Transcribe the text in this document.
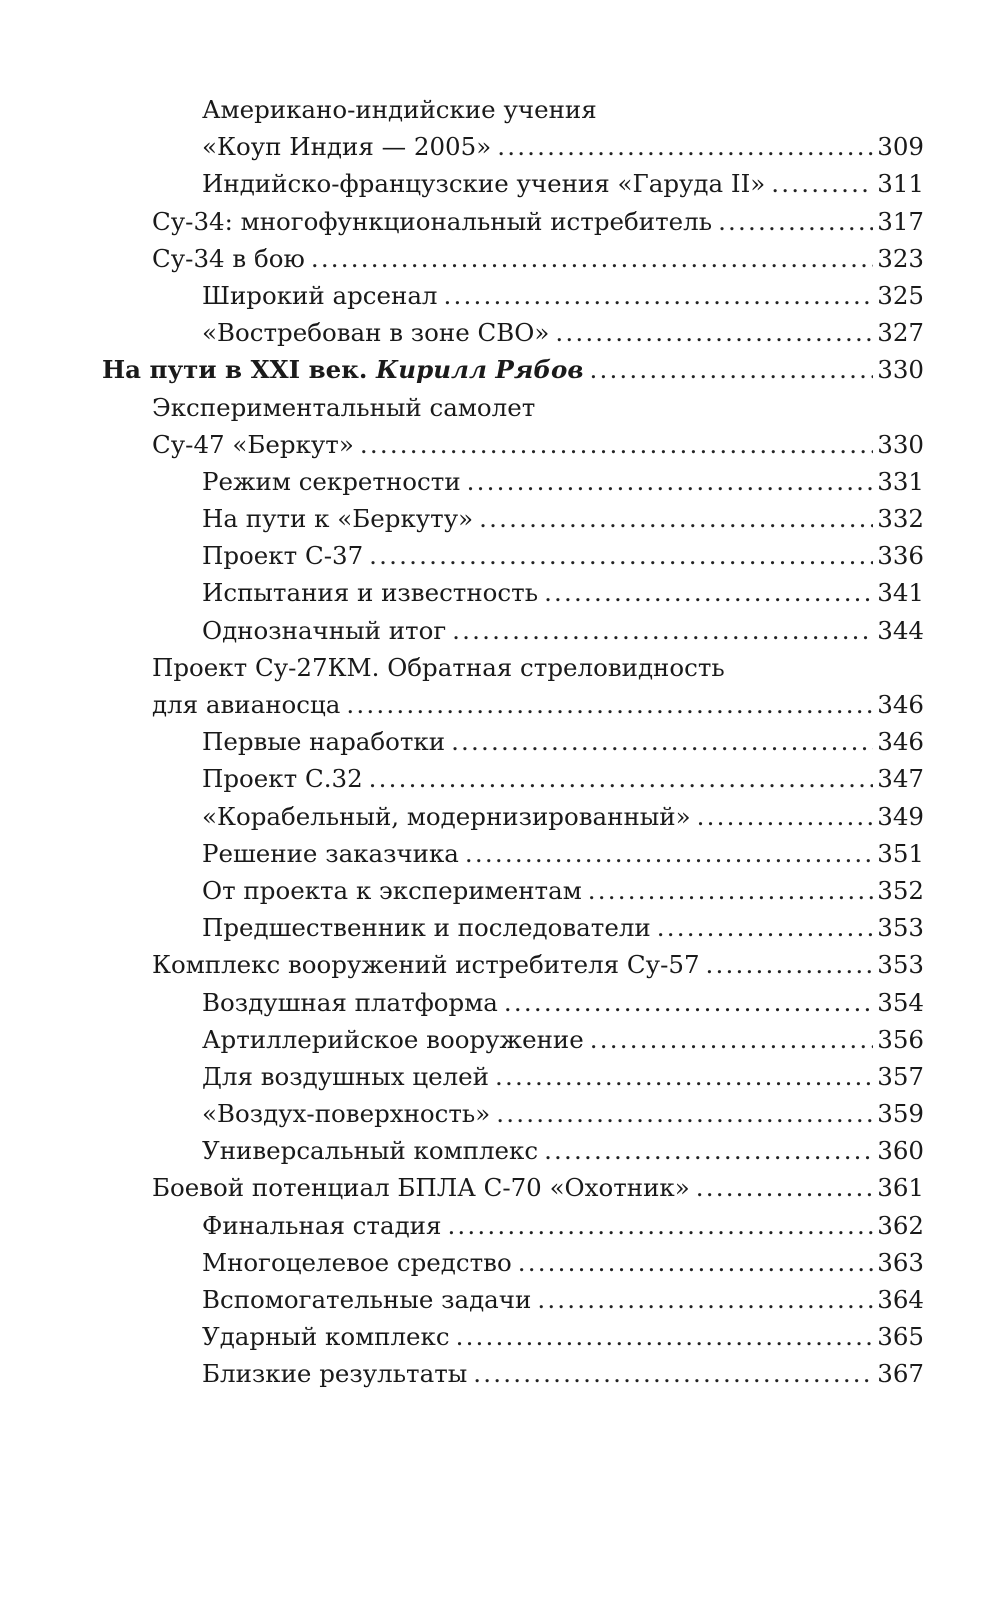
Американо-индийские учения
«Коуп Индия — 2005» .....	309
Индийско-французские учения «Гаруда II» .....	311
Су-34: многофункциональный истребитель .....	317
Су-34 в бою .....	323
Широкий арсенал .....	325
«Востребован в зоне СВО» .....	327
На пути в XXI век. Кирилл Рябов .....	330
Экспериментальный самолет
Су-47 «Беркут» .....	330
Режим секретности .....	331
На пути к «Беркуту» .....	332
Проект С-37 .....	336
Испытания и известность .....	341
Однозначный итог .....	344
Проект Су-27КМ. Обратная стреловидность
для авианосца .....	346
Первые наработки .....	346
Проект С.32 .....	347
«Корабельный, модернизированный» .....	349
Решение заказчика .....	351
От проекта к экспериментам .....	352
Предшественник и последователи .....	353
Комплекс вооружений истребителя Су-57 .....	353
Воздушная платформа .....	354
Артиллерийское вооружение .....	356
Для воздушных целей .....	357
«Воздух-поверхность» .....	359
Универсальный комплекс .....	360
Боевой потенциал БПЛА С-70 «Охотник» .....	361
Финальная стадия .....	362
Многоцелевое средство .....	363
Вспомогательные задачи .....	364
Ударный комплекс .....	365
Близкие результаты .....	367
